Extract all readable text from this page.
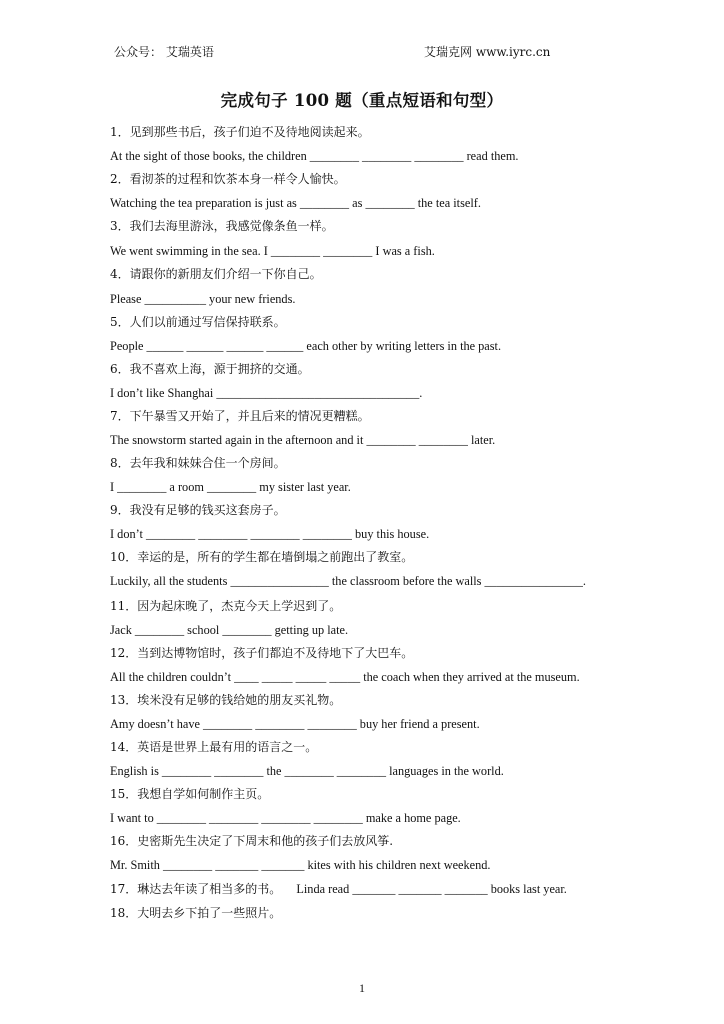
公众号： 艾瑞英语	艾瑞克网 www.iyrc.cn
完成句子 100 题（重点短语和句型）
1．见到那些书后，孩子们迫不及待地阅读起来。
At the sight of those books, the children ________ ________ ________ read them.
2．看沏茶的过程和饮茶本身一样令人愉快。
Watching the tea preparation is just as ________ as ________ the tea itself.
3．我们去海里游泳，我感觉像条鱼一样。
We went swimming in the sea. I ________ ________ I was a fish.
4．请跟你的新朋友们介绍一下你自己。
Please __________ your new friends.
5．人们以前通过写信保持联系。
People ______ ______ ______ ______ each other by writing letters in the past.
6．我不喜欢上海，源于拥挤的交通。
I don’t like Shanghai _________________________________.
7．下午暴雪又开始了，并且后来的情况更糟糕。
The snowstorm started again in the afternoon and it ________ ________ later.
8．去年我和妹妹合住一个房间。
I ________ a room ________ my sister last year.
9．我没有足够的钱买这套房子。
I don’t ________ ________ ________ ________ buy this house.
10．幸运的是，所有的学生都在墙倒塌之前跑出了教室。
Luckily, all the students ________________ the classroom before the walls ________________.
11．因为起床晚了，杰克今天上学迟到了。
Jack ________ school ________ getting up late.
12．当到达博物馆时，孩子们都迫不及待地下了大巴车。
All the children couldn’t ____ _____ _____ _____ the coach when they arrived at the museum.
13．埃米没有足够的钱给她的朋友买礼物。
Amy doesn’t have ________ ________ ________ buy her friend a present.
14．英语是世界上最有用的语言之一。
English is ________ ________ the ________ ________ languages in the world.
15．我想自学如何制作主页。
I want to ________ ________ ________ ________ make a home page.
16．史密斯先生决定了下周末和他的孩子们去放风筝.
Mr. Smith ________ _______ _______ kites with his children next weekend.
17．琳达去年读了相当多的书。 Linda read _______ _______ _______ books last year.
18．大明去乡下拍了一些照片。
1
